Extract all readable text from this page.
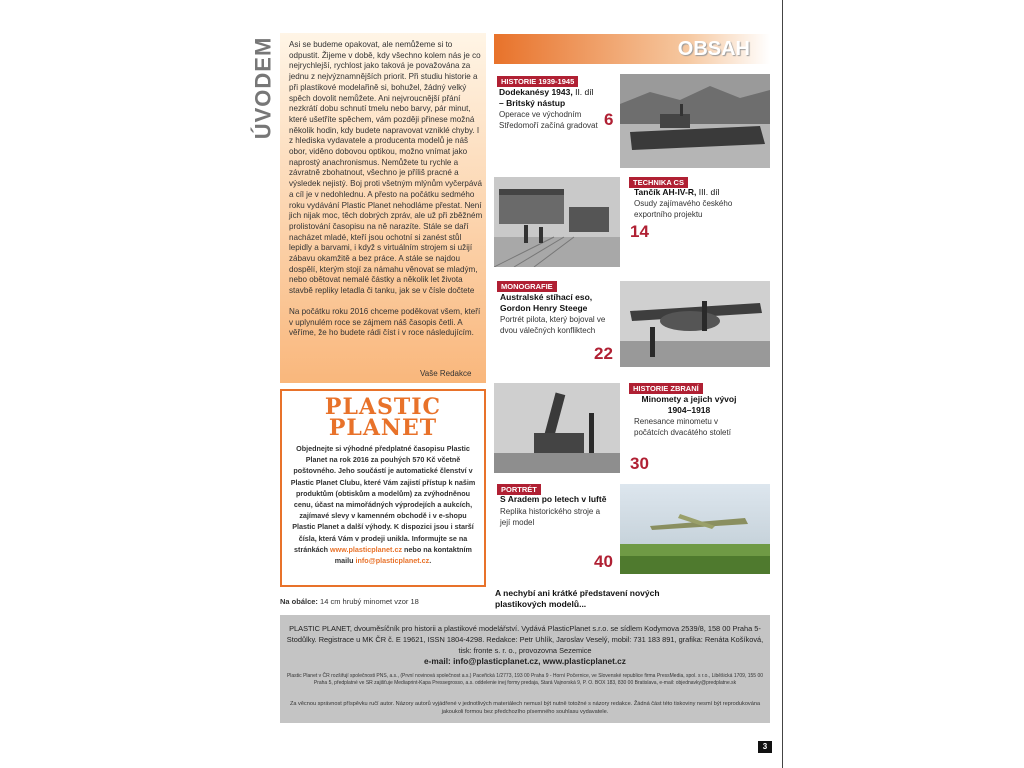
ÚVODEM Asi se budeme opakovat, ale nemůžeme si to odpustit. Žijeme v době, kdy všechno kolem nás je co nejrychlejší, rychlost jako taková je považována za jednu z nejvýznamnějších priorit. Při studiu historie a při plastikové modelařině si, bohužel, žádný velký spěch dovolit nemůžete. Ani nejvroucnější přání nezkrátí dobu schnutí tmelu nebo barvy, pár minut, které ušetříte spěchem, vám později přinese možná několik hodin, kdy budete napravovat vzniklé chyby. I z hlediska vydavatele a producenta modelů je náš obor, viděno dobovou optikou, možno vnímat jako naprostý anachronismus. Nemůžete tu rychle a závratně zbohatnout, všechno je příliš pracné a výsledek nejistý. Boj proti všetným mlýnům vyčerpává a cíl je v nedohlednu. A přesto na počátku sedmého roku vydávání Plastic Planet nehodláme přestat. Není jich nijak moc, těch dobrých zpráv, ale už při zběžném prolistování časopisu na ně narazíte. Stále se daří nacházet mladé, kteří jsou ochotní si zanést stůl lepidly a barvami, i když s virtuálním strojem si užijí zábavu okamžitě a bez práce. A stále se najdou dospělí, kterým stojí za námahu věnovat se mladým, nebo obětovat nemalé částky a několik let života stavbě repliky letadla či tanku, jak se v čísle dočtete

Na počátku roku 2016 chceme poděkovat všem, kteří v uplynulém roce se zájmem náš časopis četli. A věříme, že ho budete rádi číst i v roce následujícím.

Vaše Redakce
PLASTIC
PLANET
Objednejte si výhodné předplatné časopisu Plastic Planet na rok 2016 za pouhých 570 Kč včetně poštovného. Jeho součástí je automatické členství v Plastic Planet Clubu, které Vám zajistí přístup k našim produktům (obtiskům a modelům) za zvýhodněnou cenu, účast na mimořádných výprodejích a aukcích, zajímavé slevy v kamenném obchodě i v e-shopu Plastic Planet a další výhody. K dispozici jsou i starší čísla, která Vám v prodeji unikla. Informujte se na stránkách www.plasticplanet.cz nebo na kontaktním mailu info@plasticplanet.cz.
Na obálce: 14 cm hrubý minomet vzor 18
OBSAH
HISTORIE 1939-1945
Dodekanésy 1943, II. díl
– Britský nástup
Operace ve východním Středomoří začíná gradovat 6
TECHNIKA CS
Tančík AH-IV-R, III. díl
Osudy zajímavého českého exportního projektu
14
MONOGRAFIE
Australské stíhací eso, Gordon Henry Steege
Portrét pilota, který bojoval ve dvou válečných konfliktech
22
HISTORIE ZBRANÍ
Minomety a jejich vývoj 1904–1918
Renesance minometu v počátcích dvacátého století
30
PORTRÉT
S Aradem po letech v luftě
Replika historického stroje a její model
40
A nechybí ani krátké představení nových plastikových modelů...
PLASTIC PLANET, dvouměsíčník pro historii a plastikové modelářství. Vydává PlasticPlanet s.r.o. se sídlem Kodymova 2539/8, 158 00 Praha 5-Stodůlky. Registrace u MK ČR č. E 19621, ISSN 1804-4298. Redakce: Petr Uhlík, Jaroslav Veselý, mobil: 731 183 891, grafika: Renáta Košíková, tisk: fronte s. r. o., provozovna Sezemice
e-mail: info@plasticplanet.cz, www.plasticplanet.cz
Plastic Planet v ČR rozšiřují společnosti PNS, a.s., (První novinová společnost a.s.) Paceřická 1/2773, 193 00 Praha 9 - Horní Počernice, ve Slovenské republice firma PressMedia, spol. s r.o., Liběšická 1709, 155 00 Praha 5, předplatné ve SR zajišťuje Mediaprint-Kapa Pressegrosso, a.s. oddelenie inej formy predaja, Stará Vajnorská 9, P. O. BOX 183, 830 00 Bratislava, e-mail: objednavky@predplatne.sk
Za věcnou správnost příspěvku ručí autor. Názory autorů vyjádřené v jednotlivých materiálech nemusí být nutně totožné s názory redakce. Žádná část této tiskoviny nesmí být reprodukována jakoukoli formou bez předchozího písemného souhlasu vydavatele.
3
